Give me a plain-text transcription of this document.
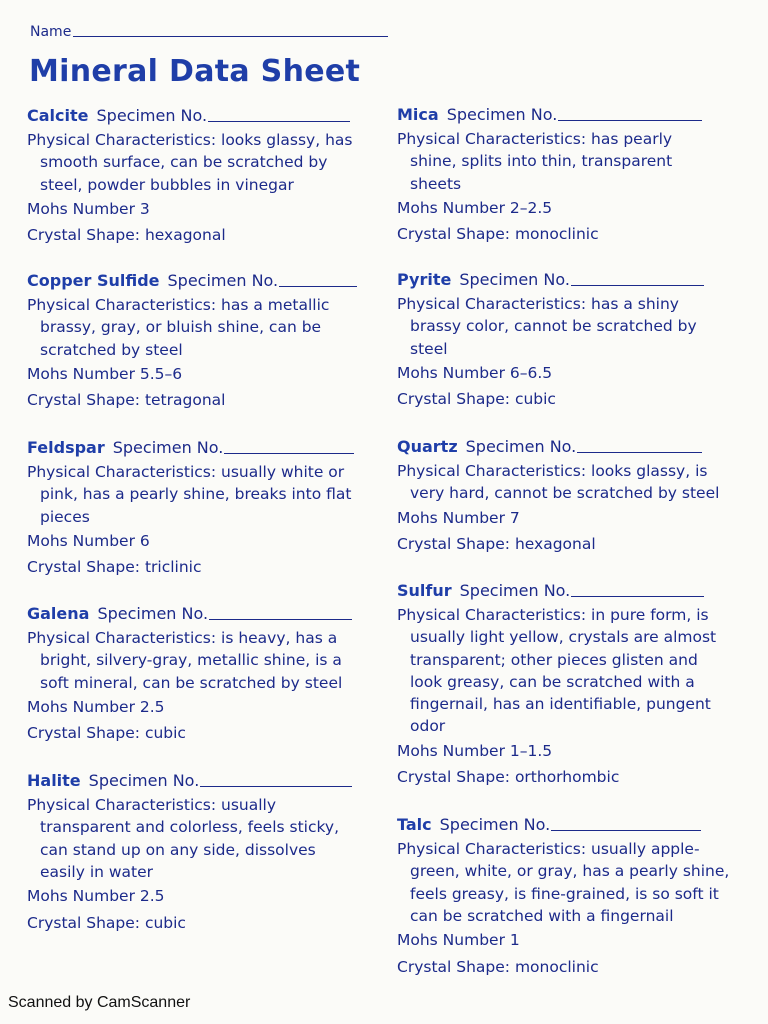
Name
Mineral Data Sheet
Calcite Specimen No.
Physical Characteristics: looks glassy, has
smooth surface, can be scratched by
steel, powder bubbles in vinegar
Mohs Number 3
Crystal Shape: hexagonal
Copper Sulfide Specimen No.
Physical Characteristics: has a metallic
brassy, gray, or bluish shine, can be
scratched by steel
Mohs Number 5.5–6
Crystal Shape: tetragonal
Feldspar Specimen No.
Physical Characteristics: usually white or
pink, has a pearly shine, breaks into flat
pieces
Mohs Number 6
Crystal Shape: triclinic
Galena Specimen No.
Physical Characteristics: is heavy, has a
bright, silvery-gray, metallic shine, is a
soft mineral, can be scratched by steel
Mohs Number 2.5
Crystal Shape: cubic
Halite Specimen No.
Physical Characteristics: usually
transparent and colorless, feels sticky,
can stand up on any side, dissolves
easily in water
Mohs Number 2.5
Crystal Shape: cubic
Mica Specimen No.
Physical Characteristics: has pearly
shine, splits into thin, transparent
sheets
Mohs Number 2–2.5
Crystal Shape: monoclinic
Pyrite Specimen No.
Physical Characteristics: has a shiny
brassy color, cannot be scratched by
steel
Mohs Number 6–6.5
Crystal Shape: cubic
Quartz Specimen No.
Physical Characteristics: looks glassy, is
very hard, cannot be scratched by steel
Mohs Number 7
Crystal Shape: hexagonal
Sulfur Specimen No.
Physical Characteristics: in pure form, is
usually light yellow, crystals are almost
transparent; other pieces glisten and
look greasy, can be scratched with a
fingernail, has an identifiable, pungent
odor
Mohs Number 1–1.5
Crystal Shape: orthorhombic
Talc Specimen No.
Physical Characteristics: usually apple-green, white, or gray, has a pearly shine, feels greasy, is fine-grained, is so soft it can be scratched with a fingernail
Mohs Number 1
Crystal Shape: monoclinic
Scanned by CamScanner
